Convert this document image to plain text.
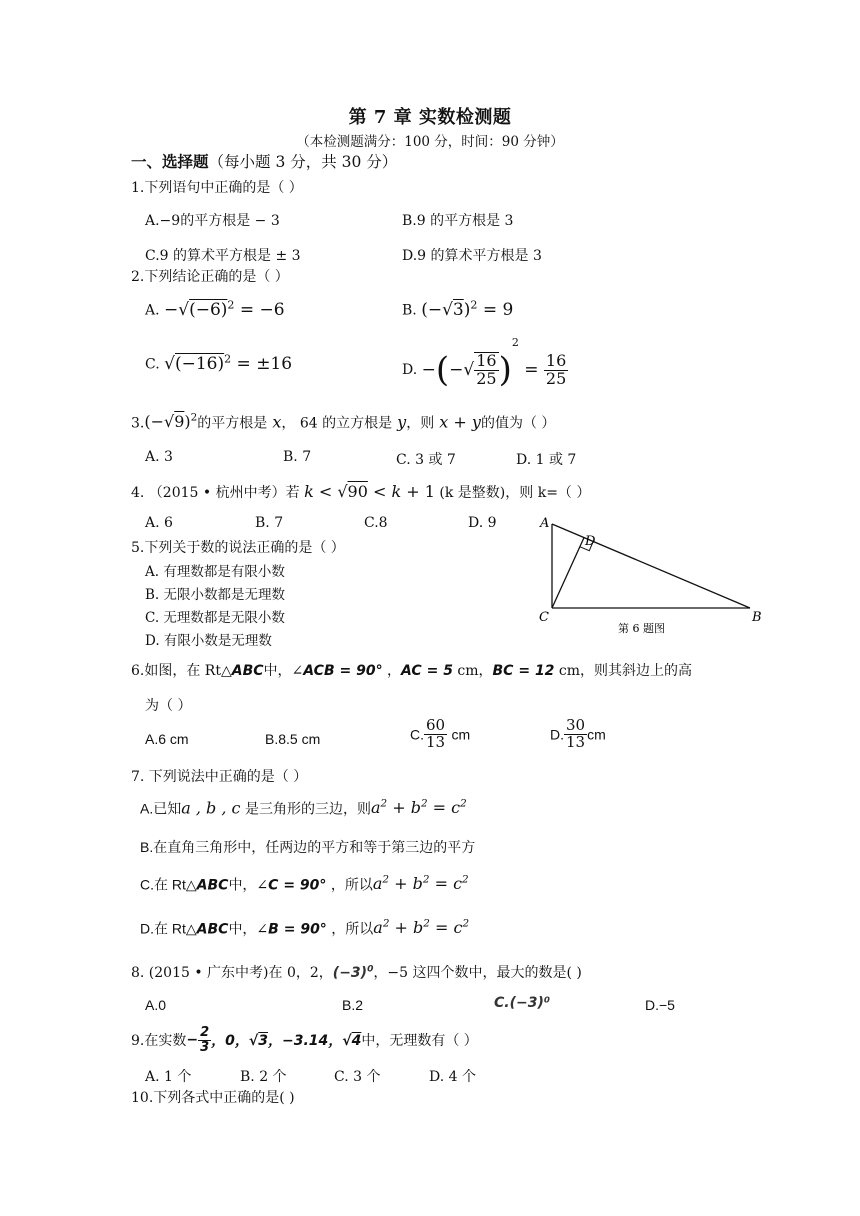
第 7 章 实数检测题
（本检测题满分：100 分，时间：90 分钟）
一、选择题（每小题 3 分，共 30 分）
1.下列语句中正确的是（ ）
A.−9的平方根是 − 3	B.9 的平方根是 3
C.9 的算术平方根是 ± 3	D.9 的算术平方根是 3
2.下列结论正确的是（ ）
A. $-√(-6)^2 = -6$	B. $(-√3)^2 = 9$
C. $√(-16)^2 = \pm 16$	D. −(−√ $\frac{16}{25} )^2 = \frac{16}{25}$
$3.(-√9)^2$的平方根是 x， 64 的立方根是 y，则 x + y的值为（ ）
A. 3	B. 7	C. 3 或 7	D. 1 或 7
4. （2015 • 杭州中考）若 k < √90 < k + 1 (k 是整数)，则 k=（ ）
A. 6	B. 7	C.8	D. 9
5.下列关于数的说法正确的是（ ）
A. 有理数都是有限小数
B. 无限小数都是无理数
C. 无理数都是无限小数
D. 有限小数是无理数
A
D
C	B
第 6 题图
6.如图，在 Rt△ABC中，∠ACB = 90° ，AC = 5 cm，BC = 12 cm，则其斜边上的高
为（ ）
A.6 cm	B.8.5 cm	C. $\frac{60}{13}$ cm	D. $\frac{30}{13}$ cm
7. 下列说法中正确的是（ ）
A.已知a , b , c 是三角形的三边，则$a^2 + b^2 = c^2$
B.在直角三角形中，任两边的平方和等于第三边的平方
C.在 Rt△ABC中，∠C = 90° ，所以$a^2 + b^2 = c^2$
D.在 Rt△ABC中，∠B = 90° ，所以$a^2 + b^2 = c^2$
8. (2015 • 广东中考)在 0，2，$(-3)^0$，−5 这四个数中，最大的数是( )
A.0	B.2	C.(−3)⁰	D.−5
9.在实数− $\frac{2}{3}$ ，0，√3，−3.14，√4中，无理数有（ ）
A. 1 个	B. 2 个	C. 3 个	D. 4 个
10.下列各式中正确的是( )
